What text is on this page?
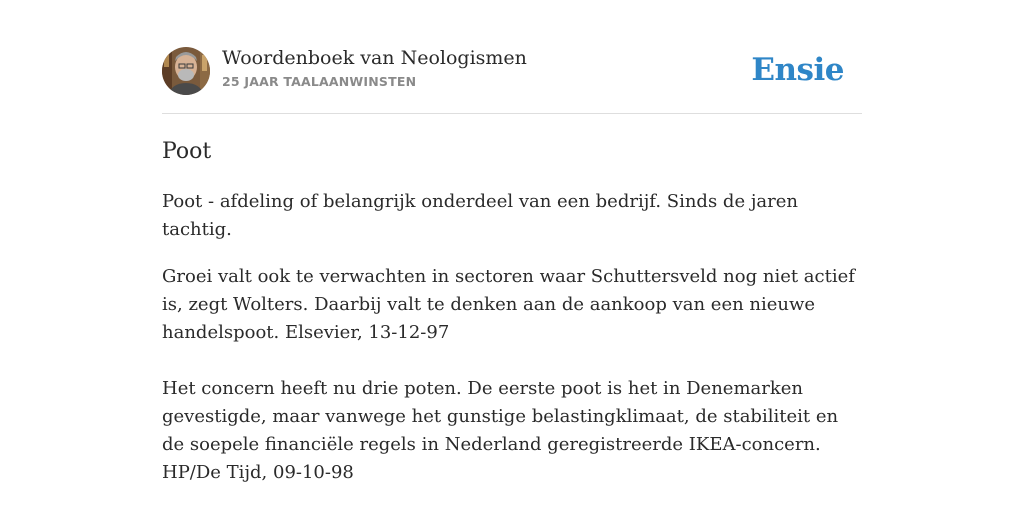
Woordenboek van Neologismen
25 JAAR TAALAANWINSTEN	Ensie
Poot
Poot - afdeling of belangrijk onderdeel van een bedrijf. Sinds de jaren tachtig.
Groei valt ook te verwachten in sectoren waar Schuttersveld nog niet actief is, zegt Wolters. Daarbij valt te denken aan de aankoop van een nieuwe handelspoot. Elsevier, 13-12-97

Het concern heeft nu drie poten. De eerste poot is het in Denemarken gevestigde, maar vanwege het gunstige belastingklimaat, de stabiliteit en de soepele financiële regels in Nederland geregistreerde IKEA-concern. HP/De Tijd, 09-10-98
